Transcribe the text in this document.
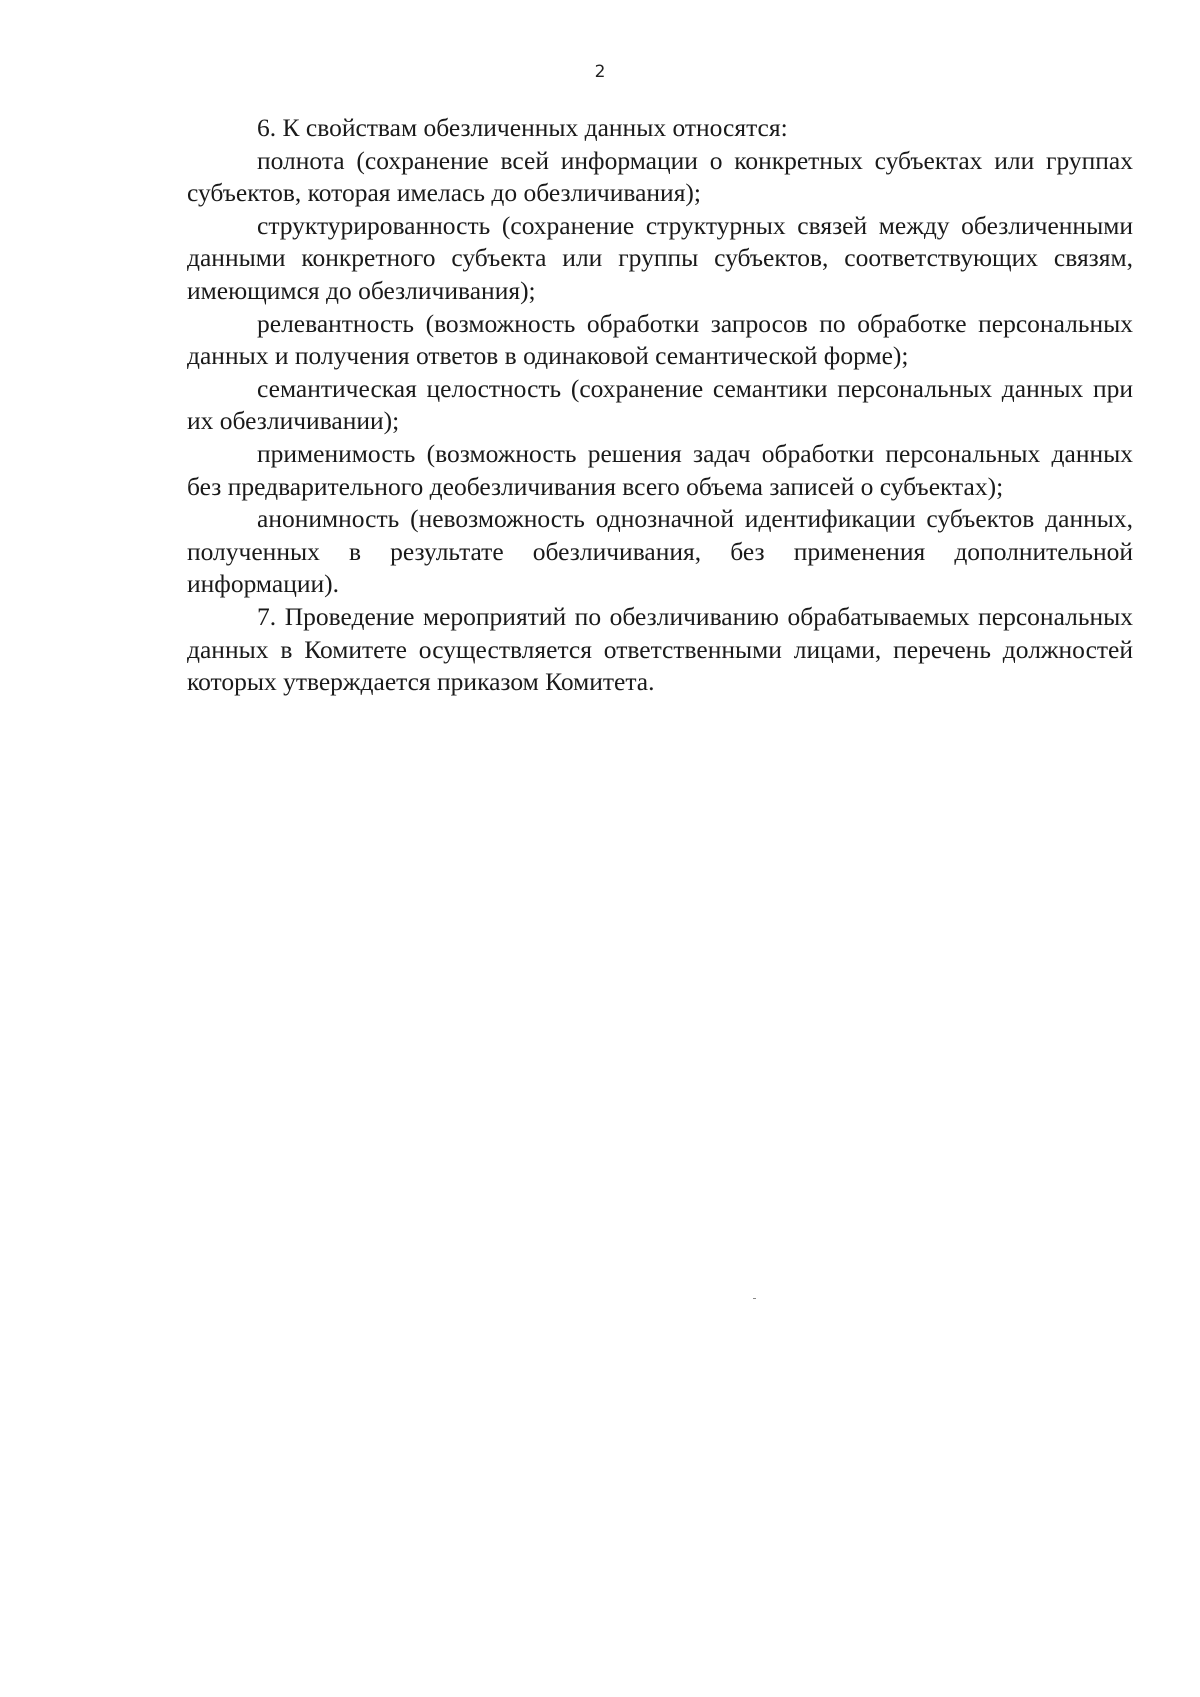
2

6. К свойствам обезличенных данных относятся:

полнота (сохранение всей информации о конкретных субъектах или группах субъектов, которая имелась до обезличивания);

структурированность (сохранение структурных связей между обезличенными данными конкретного субъекта или группы субъектов, соответствующих связям, имеющимся до обезличивания);

релевантность (возможность обработки запросов по обработке персональных данных и получения ответов в одинаковой семантической форме);

семантическая целостность (сохранение семантики персональных данных при их обезличивании);

применимость (возможность решения задач обработки персональных данных без предварительного деобезличивания всего объема записей о субъектах);

анонимность (невозможность однозначной идентификации субъектов данных, полученных в результате обезличивания, без применения дополнительной информации).

7. Проведение мероприятий по обезличиванию обрабатываемых персональных данных в Комитете осуществляется ответственными лицами, перечень должностей которых утверждается приказом Комитета.
